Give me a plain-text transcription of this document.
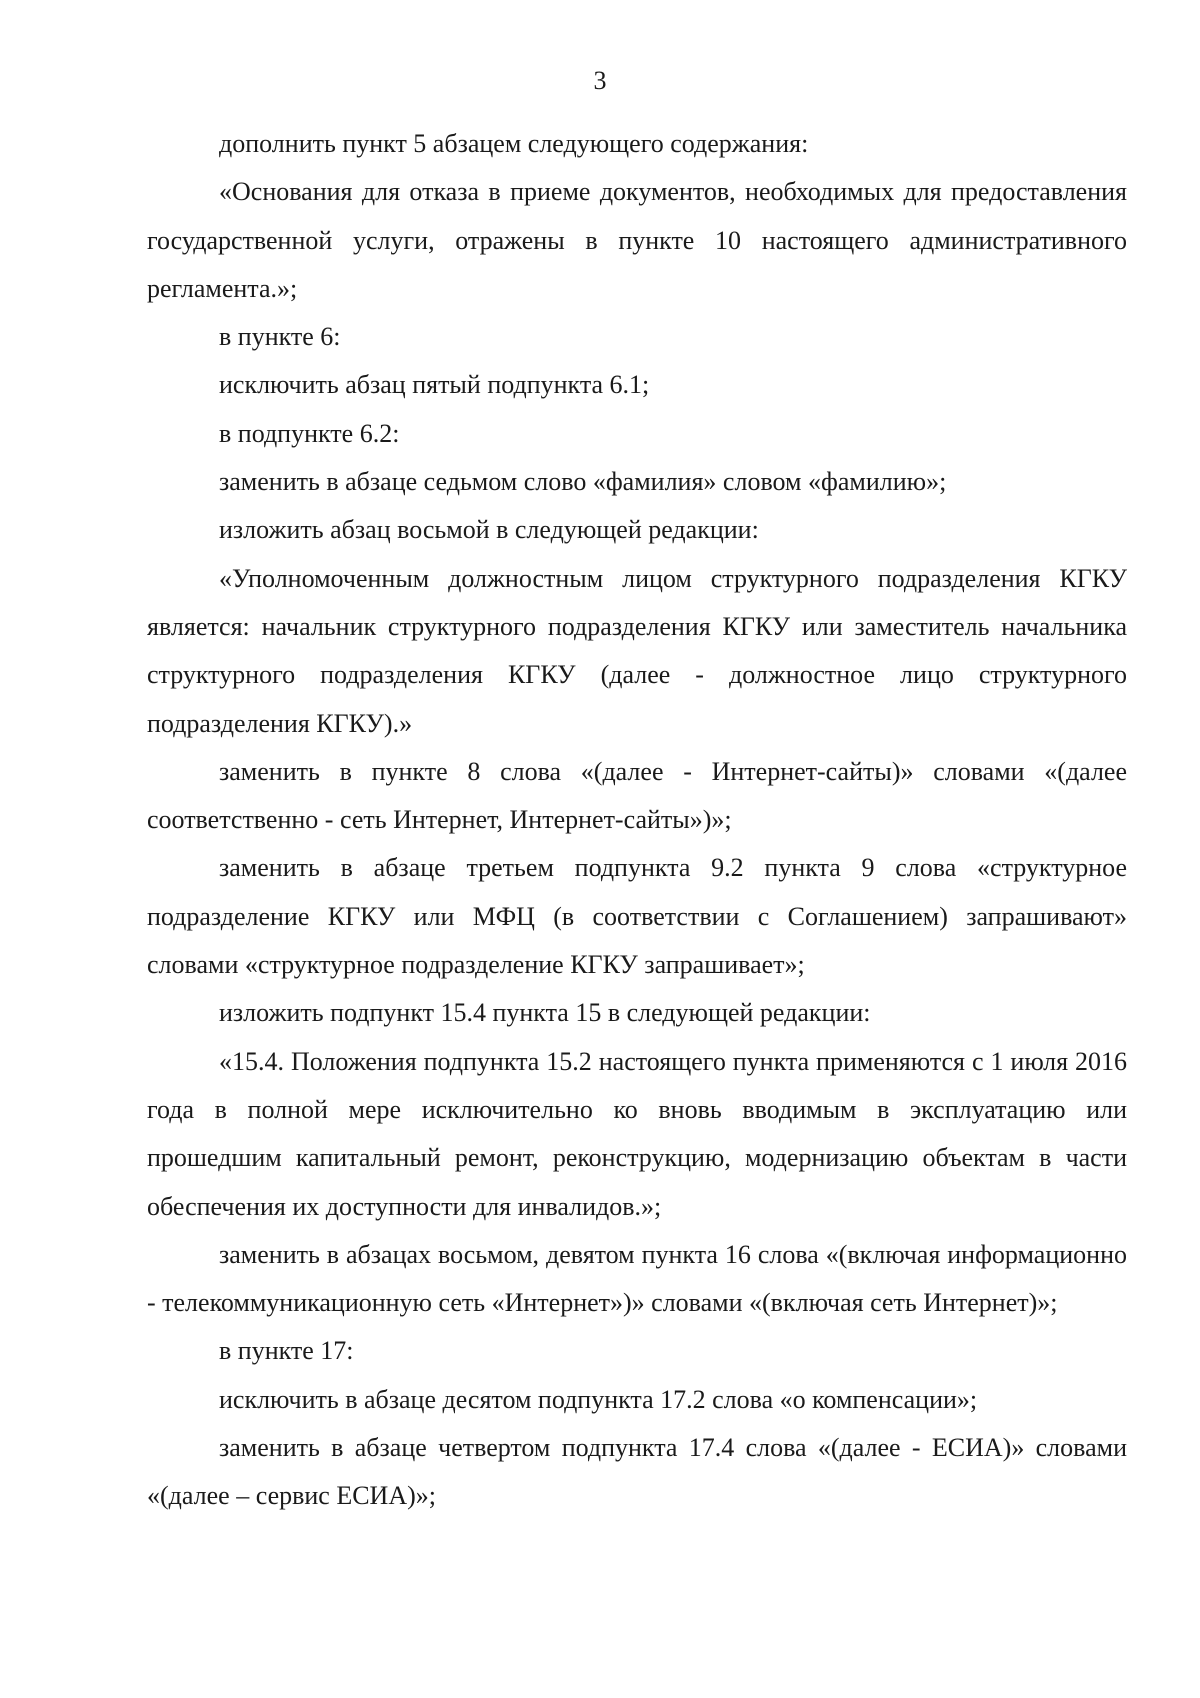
3

дополнить пункт 5 абзацем следующего содержания:

«Основания для отказа в приеме документов, необходимых для предоставления государственной услуги, отражены в пункте 10 настоящего административного регламента.»;

в пункте 6:

исключить абзац пятый подпункта 6.1;

в подпункте 6.2:

заменить в абзаце седьмом слово «фамилия» словом «фамилию»;

изложить абзац восьмой в следующей редакции:

«Уполномоченным должностным лицом структурного подразделения КГКУ является: начальник структурного подразделения КГКУ или заместитель начальника структурного подразделения КГКУ (далее - должностное лицо структурного подразделения КГКУ).»

заменить в пункте 8 слова «(далее - Интернет-сайты)» словами «(далее соответственно - сеть Интернет, Интернет-сайты»)»;

заменить в абзаце третьем подпункта 9.2 пункта 9 слова «структурное подразделение КГКУ или МФЦ (в соответствии с Соглашением) запрашивают» словами «структурное подразделение КГКУ запрашивает»;

изложить подпункт 15.4 пункта 15 в следующей редакции:

«15.4. Положения подпункта 15.2 настоящего пункта применяются с 1 июля 2016 года в полной мере исключительно ко вновь вводимым в эксплуатацию или прошедшим капитальный ремонт, реконструкцию, модернизацию объектам в части обеспечения их доступности для инвалидов.»;

заменить в абзацах восьмом, девятом пункта 16 слова «(включая информационно - телекоммуникационную сеть «Интернет»)» словами «(включая сеть Интернет)»;

в пункте 17:

исключить в абзаце десятом подпункта 17.2 слова «о компенсации»;

заменить в абзаце четвертом подпункта 17.4 слова «(далее - ЕСИА)» словами «(далее – сервис ЕСИА)»;
